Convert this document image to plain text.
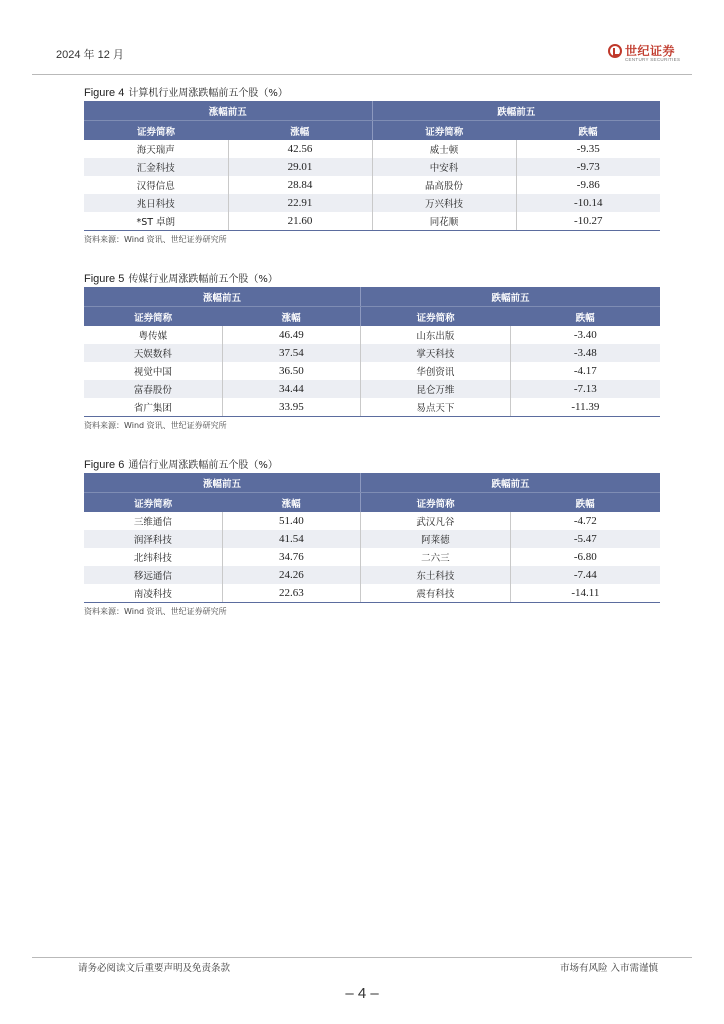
2024 年 12 月	世纪证券
CENTURY SECURITIES
Figure 4 计算机行业周涨跌幅前五个股（%）
涨幅前五		跌幅前五	
证券简称	涨幅	证券简称	跌幅
海天瑞声	42.56	威士顿	-9.35
汇金科技	29.01	中安科	-9.73
汉得信息	28.84	晶高股份	-9.86
兆日科技	22.91	万兴科技	-10.14
*ST 卓朗	21.60	同花顺	-10.27
资料来源：Wind 资讯、世纪证券研究所
Figure 5 传媒行业周涨跌幅前五个股（%）
涨幅前五		跌幅前五	
证券简称	涨幅	证券简称	跌幅
粤传媒	46.49	山东出版	-3.40
天娱数科	37.54	掌天科技	-3.48
视觉中国	36.50	华创资讯	-4.17
富春股份	34.44	昆仑万维	-7.13
省广集团	33.95	易点天下	-11.39
资料来源：Wind 资讯、世纪证券研究所
Figure 6 通信行业周涨跌幅前五个股（%）
涨幅前五		跌幅前五	
证券简称	涨幅	证券简称	跌幅
三维通信	51.40	武汉凡谷	-4.72
润泽科技	41.54	阿莱德	-5.47
北纬科技	34.76	二六三	-6.80
移远通信	24.26	东土科技	-7.44
南凌科技	22.63	震有科技	-14.11
资料来源：Wind 资讯、世纪证券研究所
请务必阅读文后重要声明及免责条款	市场有风险 入市需谨慎
– 4 –
